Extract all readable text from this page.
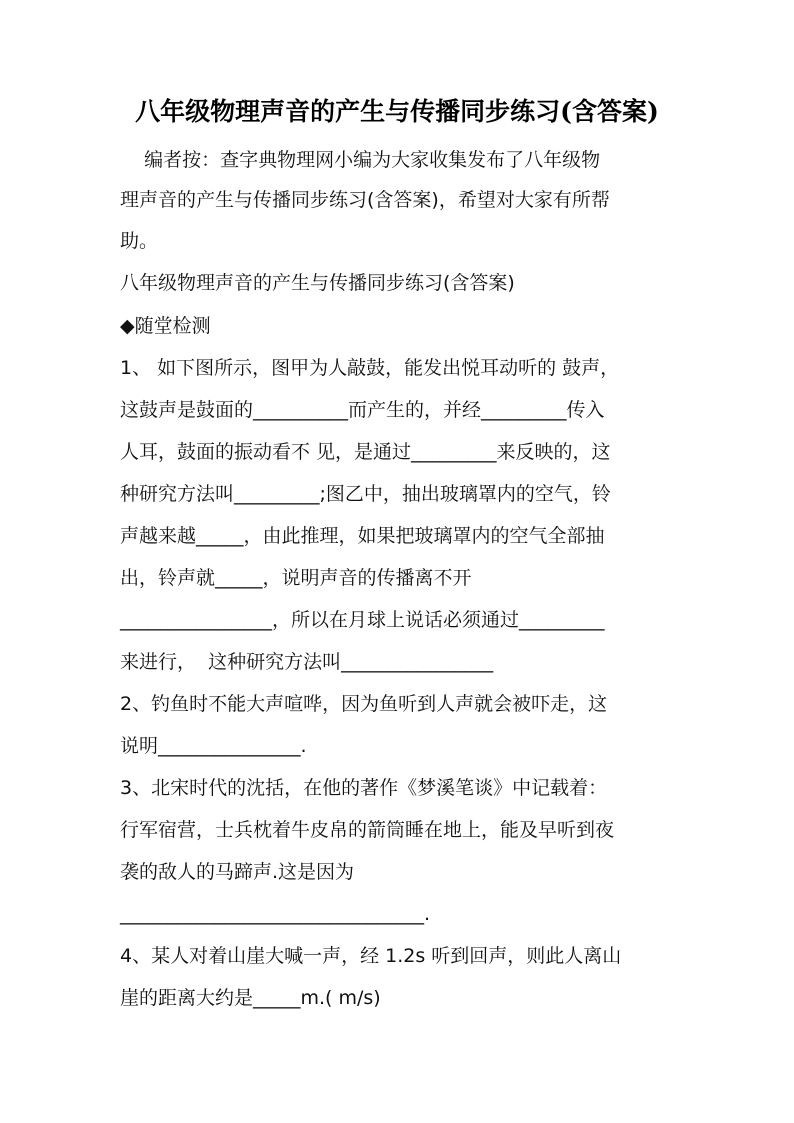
八年级物理声音的产生与传播同步练习(含答案)
编者按：查字典物理网小编为大家收集发布了八年级物
理声音的产生与传播同步练习(含答案)，希望对大家有所帮
助。
八年级物理声音的产生与传播同步练习(含答案)
◆随堂检测
1、 如下图所示，图甲为人敲鼓，能发出悦耳动听的 鼓声，
这鼓声是鼓面的__________而产生的，并经_________传入
人耳，鼓面的振动看不 见，是通过_________来反映的，这
种研究方法叫_________;图乙中，抽出玻璃罩内的空气，铃
声越来越_____，由此推理，如果把玻璃罩内的空气全部抽
出，铃声就_____，说明声音的传播离不开
________________，所以在月球上说话必须通过_________
来进行，  这种研究方法叫________________
2、钓鱼时不能大声喧哗，因为鱼听到人声就会被吓走，这
说明_______________.
3、北宋时代的沈括，在他的著作《梦溪笔谈》中记载着：
行军宿营，士兵枕着牛皮帛的箭筒睡在地上，能及早听到夜
袭的敌人的马蹄声.这是因为
________________________________.
4、某人对着山崖大喊一声，经 1.2s 听到回声，则此人离山
崖的距离大约是_____m.( m/s)
